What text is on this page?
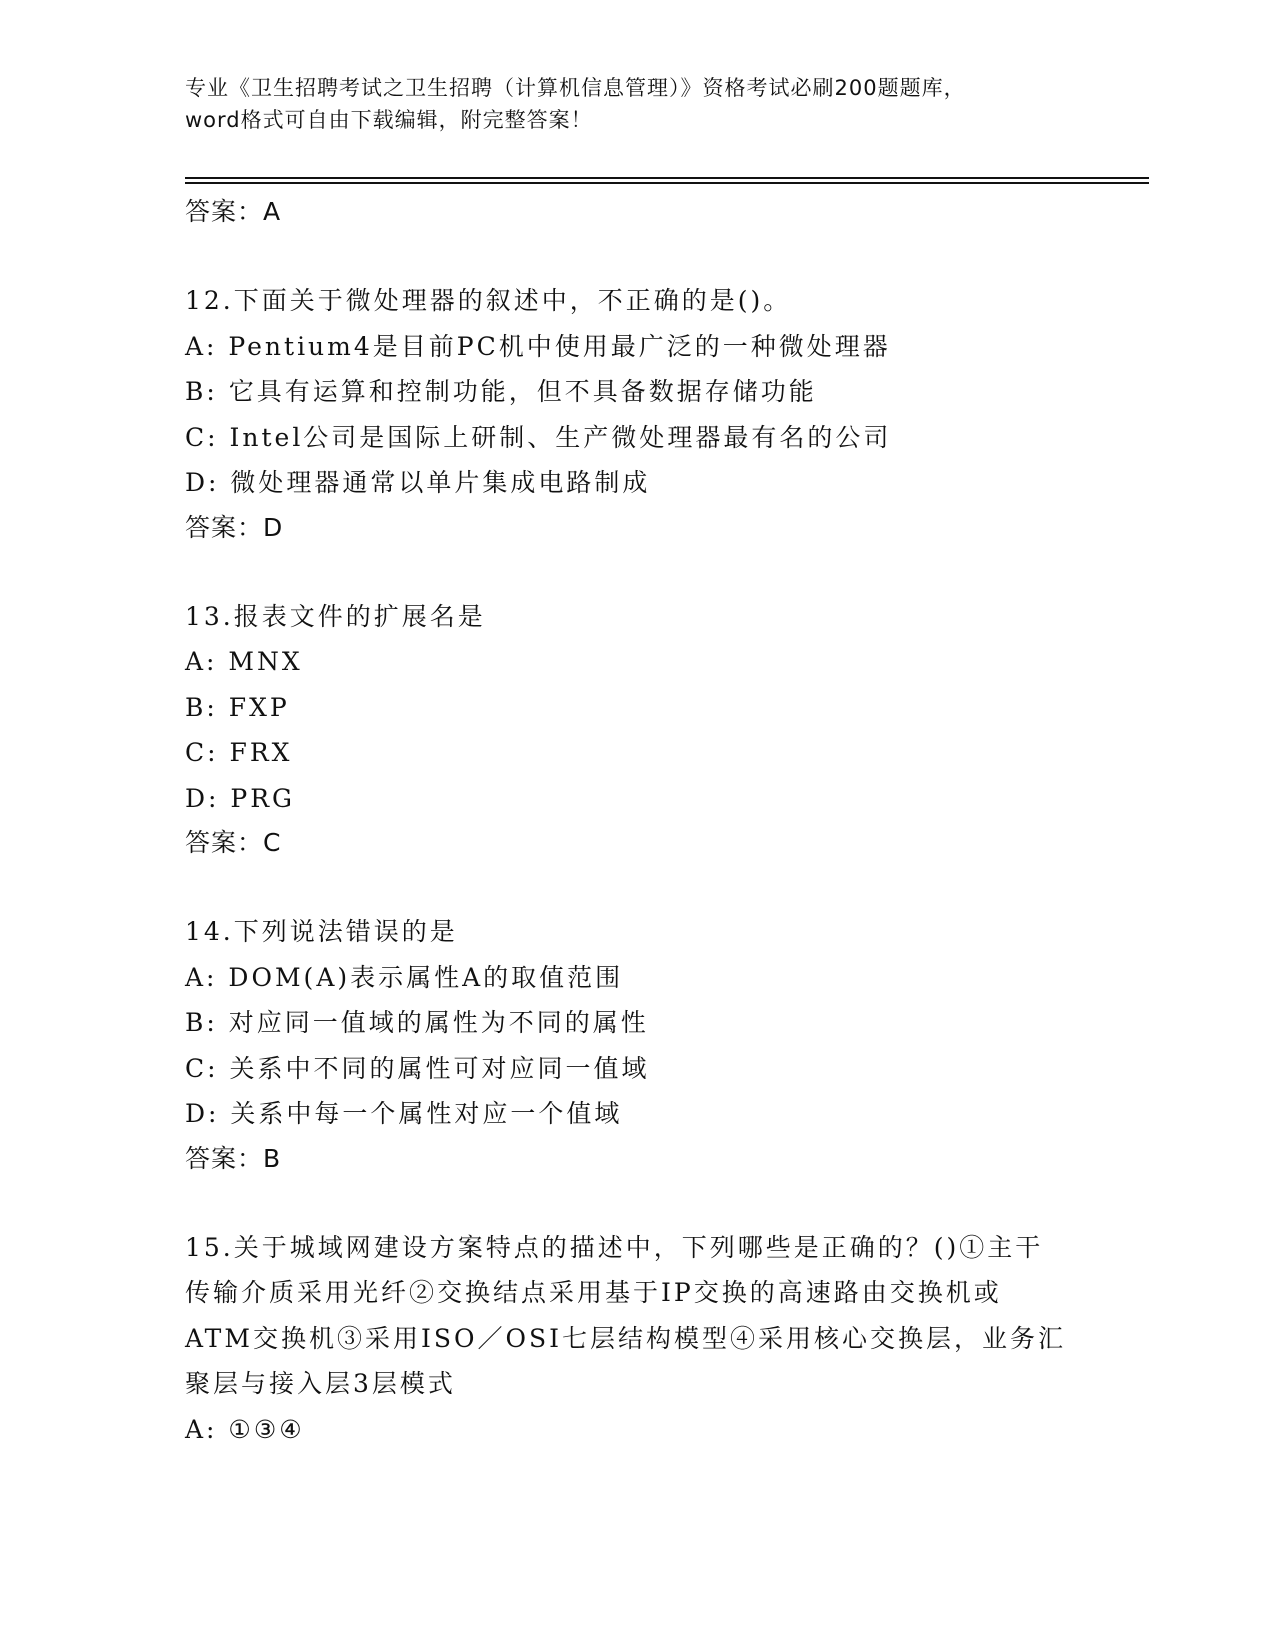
专业《卫生招聘考试之卫生招聘（计算机信息管理）》资格考试必刷200题题库，
word格式可自由下载编辑，附完整答案！
答案：A
12.下面关于微处理器的叙述中，不正确的是()。
A: Pentium4是目前PC机中使用最广泛的一种微处理器
B: 它具有运算和控制功能，但不具备数据存储功能
C: Intel公司是国际上研制、生产微处理器最有名的公司
D: 微处理器通常以单片集成电路制成
答案：D
13.报表文件的扩展名是
A: MNX
B: FXP
C: FRX
D: PRG
答案：C
14.下列说法错误的是
A: DOM(A)表示属性A的取值范围
B: 对应同一值域的属性为不同的属性
C: 关系中不同的属性可对应同一值域
D: 关系中每一个属性对应一个值域
答案：B
15.关于城域网建设方案特点的描述中，下列哪些是正确的？()①主干
传输介质采用光纤②交换结点采用基于IP交换的高速路由交换机或
ATM交换机③采用ISO／OSI七层结构模型④采用核心交换层，业务汇
聚层与接入层3层模式
A: ①③④
